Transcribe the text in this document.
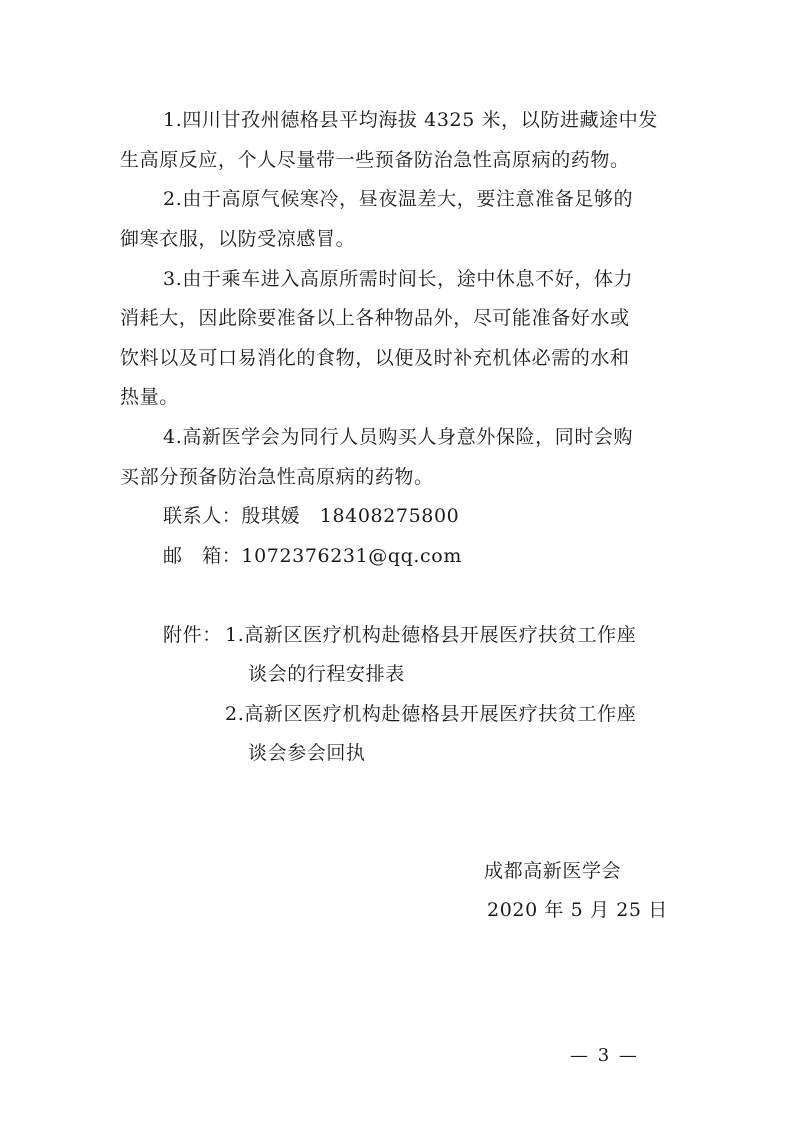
1.四川甘孜州德格县平均海拔 4325 米，以防进藏途中发
生高原反应，个人尽量带一些预备防治急性高原病的药物。
2.由于高原气候寒冷，昼夜温差大，要注意准备足够的
御寒衣服，以防受凉感冒。
3.由于乘车进入高原所需时间长，途中休息不好，体力
消耗大，因此除要准备以上各种物品外，尽可能准备好水或
饮料以及可口易消化的食物，以便及时补充机体必需的水和
热量。
4.高新医学会为同行人员购买人身意外保险，同时会购
买部分预备防治急性高原病的药物。
联系人：殷琪媛　18408275800
邮　箱：1072376231@qq.com
附件： 1.高新区医疗机构赴德格县开展医疗扶贫工作座
谈会的行程安排表
2.高新区医疗机构赴德格县开展医疗扶贫工作座
谈会参会回执
成都高新医学会
2020 年 5 月 25 日
— 3 —
